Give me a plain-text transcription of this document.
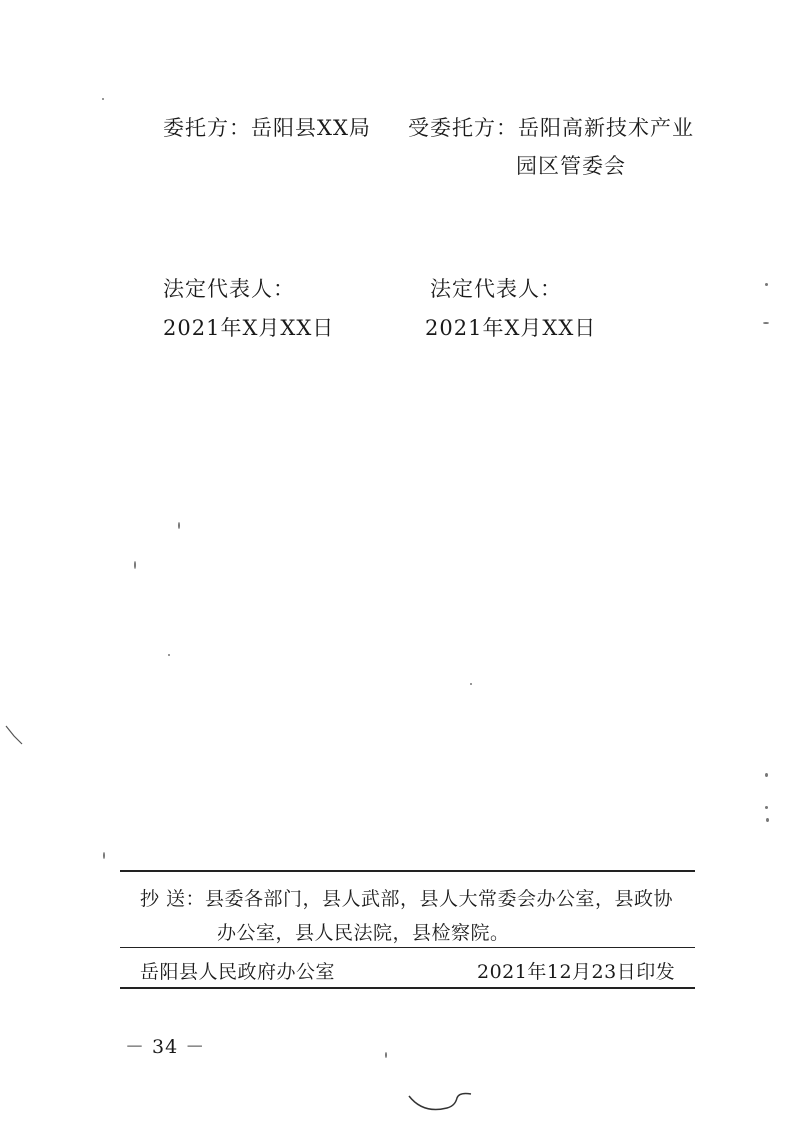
委托方：岳阳县XX局 受委托方：岳阳高新技术产业
园区管委会
法定代表人：	法定代表人：
2021年X月XX日	2021年X月XX日
抄 送：县委各部门，县人武部，县人大常委会办公室，县政协
办公室，县人民法院，县检察院。
岳阳县人民政府办公室	2021年12月23日印发
－ 34 －
